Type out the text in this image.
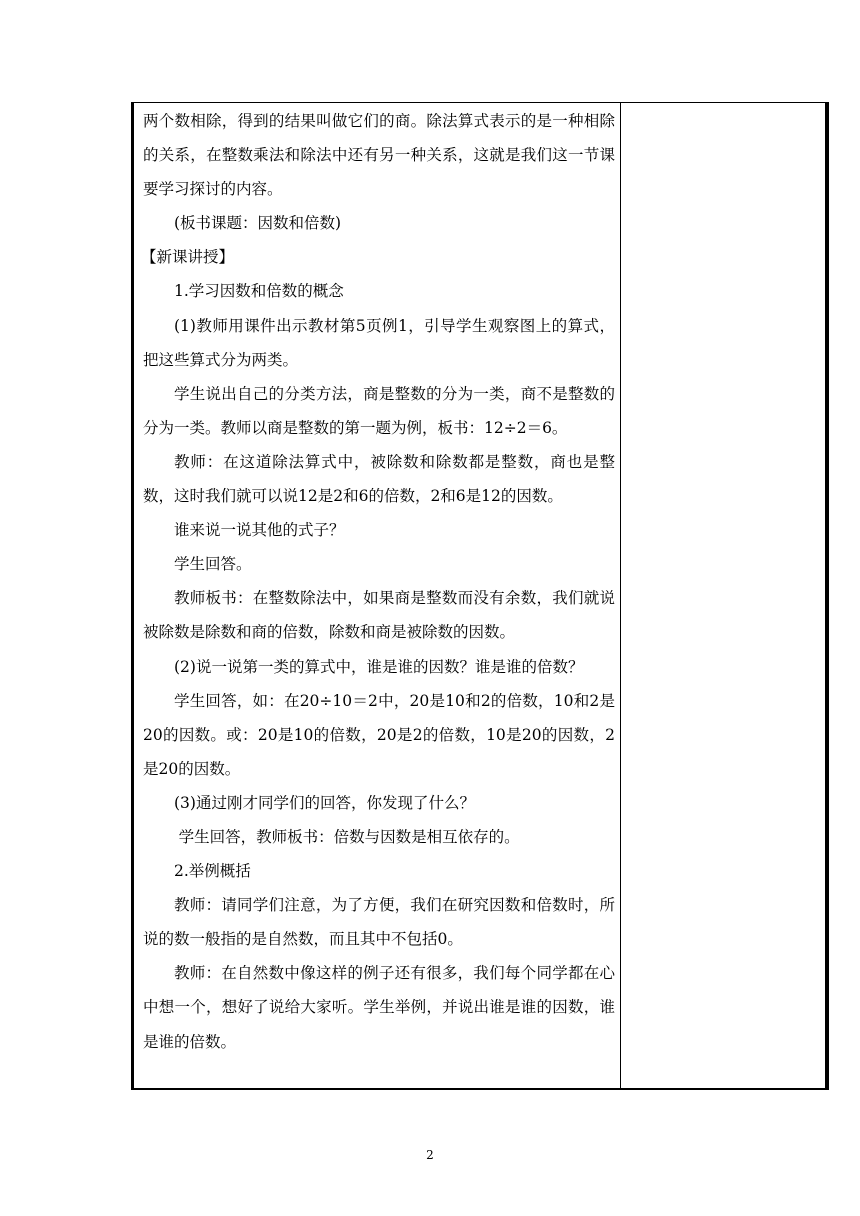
两个数相除，得到的结果叫做它们的商。除法算式表示的是一种相除的关系，在整数乘法和除法中还有另一种关系，这就是我们这一节课要学习探讨的内容。

(板书课题：因数和倍数)

【新课讲授】

1.学习因数和倍数的概念

(1)教师用课件出示教材第5页例1，引导学生观察图上的算式，把这些算式分为两类。

学生说出自己的分类方法，商是整数的分为一类，商不是整数的分为一类。教师以商是整数的第一题为例，板书：12÷2＝6。

教师：在这道除法算式中，被除数和除数都是整数，商也是整数，这时我们就可以说12是2和6的倍数，2和6是12的因数。

谁来说一说其他的式子？

学生回答。

教师板书：在整数除法中，如果商是整数而没有余数，我们就说被除数是除数和商的倍数，除数和商是被除数的因数。

(2)说一说第一类的算式中，谁是谁的因数？谁是谁的倍数？

学生回答，如：在20÷10＝2中，20是10和2的倍数，10和2是20的因数。或：20是10的倍数，20是2的倍数，10是20的因数，2是20的因数。

(3)通过刚才同学们的回答，你发现了什么？

学生回答，教师板书：倍数与因数是相互依存的。

2.举例概括

教师：请同学们注意，为了方便，我们在研究因数和倍数时，所说的数一般指的是自然数，而且其中不包括0。

教师：在自然数中像这样的例子还有很多，我们每个同学都在心中想一个，想好了说给大家听。学生举例，并说出谁是谁的因数，谁是谁的倍数。

2
